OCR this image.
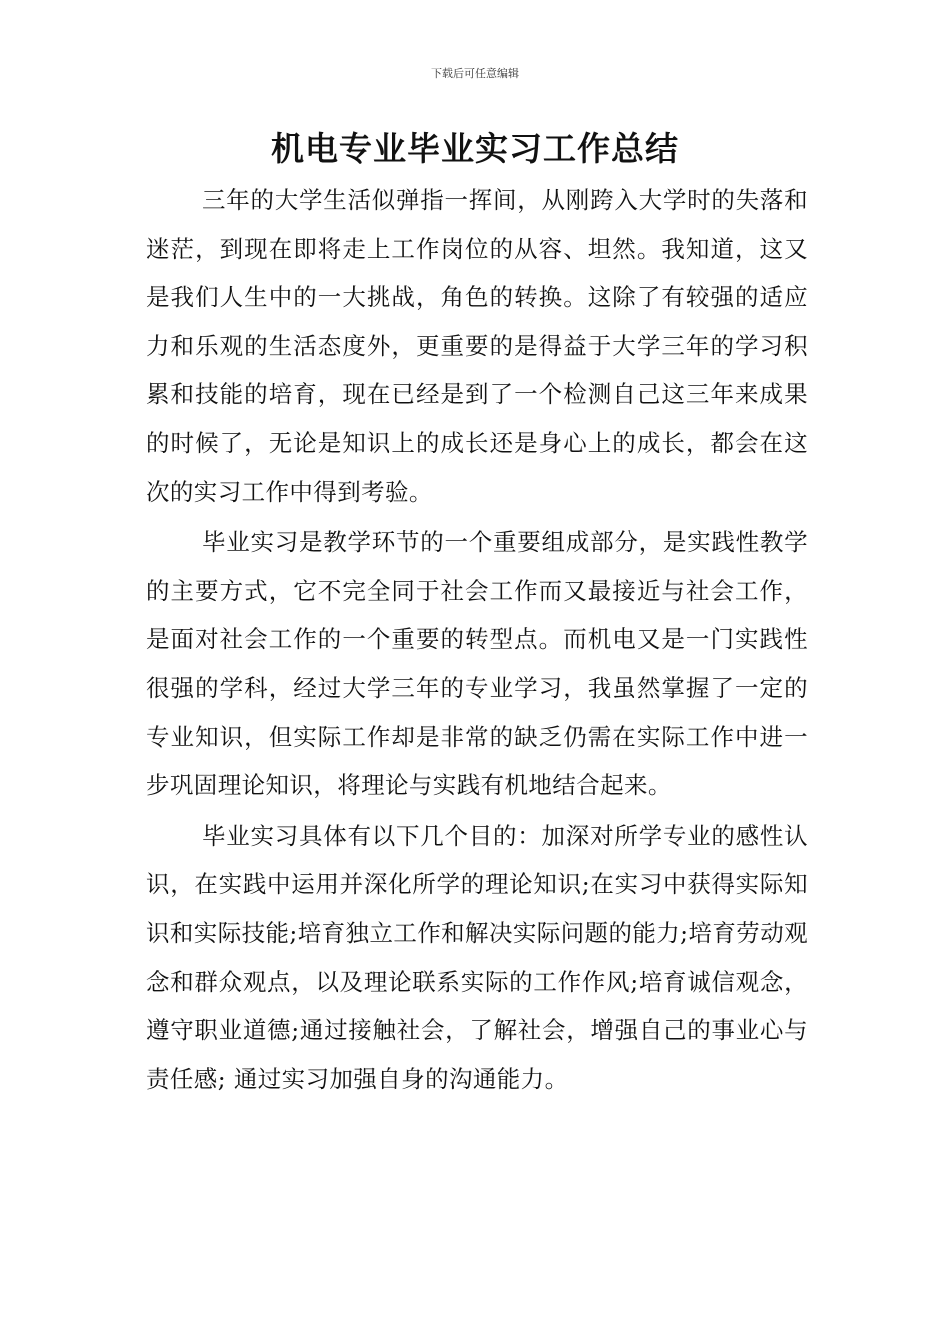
下载后可任意编辑
机电专业毕业实习工作总结

三年的大学生活似弹指一挥间，从刚跨入大学时的失落和迷茫，到现在即将走上工作岗位的从容、坦然。我知道，这又是我们人生中的一大挑战，角色的转换。这除了有较强的适应力和乐观的生活态度外，更重要的是得益于大学三年的学习积累和技能的培育，现在已经是到了一个检测自己这三年来成果的时候了，无论是知识上的成长还是身心上的成长，都会在这次的实习工作中得到考验。

毕业实习是教学环节的一个重要组成部分，是实践性教学的主要方式，它不完全同于社会工作而又最接近与社会工作，是面对社会工作的一个重要的转型点。而机电又是一门实践性很强的学科，经过大学三年的专业学习，我虽然掌握了一定的专业知识，但实际工作却是非常的缺乏仍需在实际工作中进一步巩固理论知识，将理论与实践有机地结合起来。

毕业实习具体有以下几个目的：加深对所学专业的感性认识，在实践中运用并深化所学的理论知识;在实习中获得实际知识和实际技能;培育独立工作和解决实际问题的能力;培育劳动观念和群众观点，以及理论联系实际的工作作风;培育诚信观念，遵守职业道德;通过接触社会，了解社会，增强自己的事业心与责任感; 通过实习加强自身的沟通能力。
